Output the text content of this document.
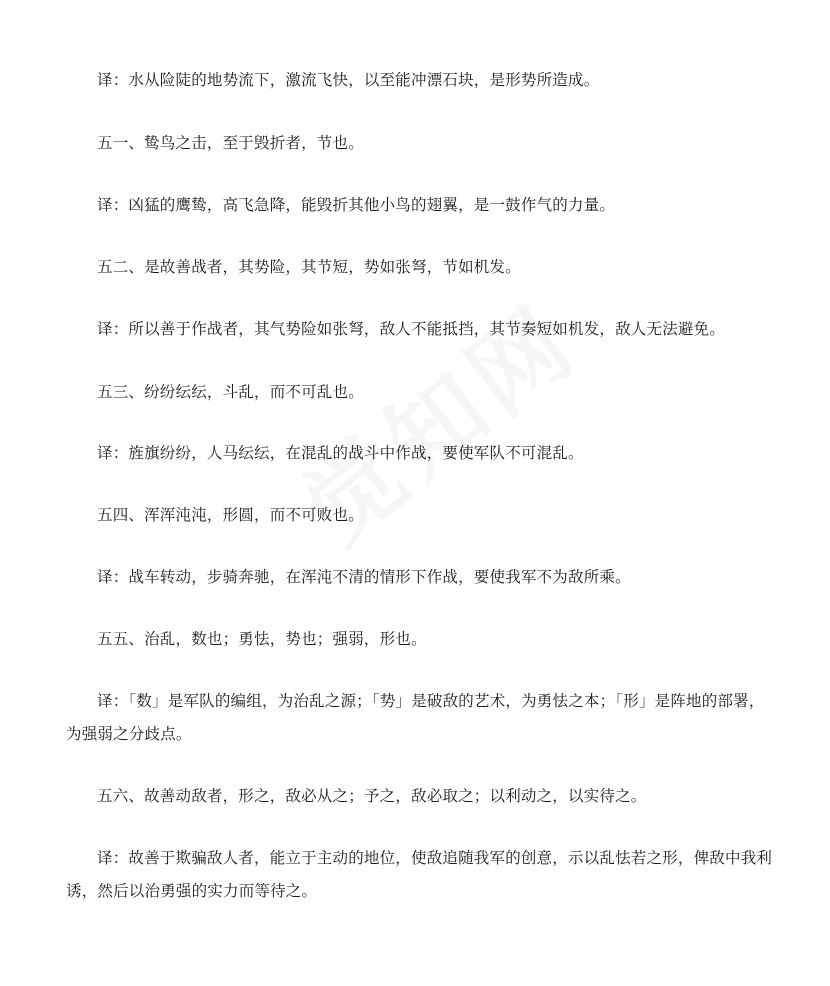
译：水从险陡的地势流下，激流飞快，以至能冲漂石块，是形势所造成。

五一、鸷鸟之击，至于毁折者，节也。

译：凶猛的鹰鸷，高飞急降，能毁折其他小鸟的翅翼，是一鼓作气的力量。

五二、是故善战者，其势险，其节短，势如张弩，节如机发。

译：所以善于作战者，其气势险如张弩，敌人不能抵挡，其节奏短如机发，敌人无法避免。

五三、纷纷纭纭，斗乱，而不可乱也。

译：旌旗纷纷，人马纭纭，在混乱的战斗中作战，要使军队不可混乱。

五四、浑浑沌沌，形圆，而不可败也。

译：战车转动，步骑奔驰，在浑沌不清的情形下作战，要使我军不为敌所乘。

五五、治乱，数也；勇怯，势也；强弱，形也。

译：「数」是军队的编组，为治乱之源；「势」是破敌的艺术，为勇怯之本；「形」是阵地的部署，为强弱之分歧点。

五六、故善动敌者，形之，敌必从之；予之，敌必取之；以利动之，以实待之。

译：故善于欺骗敌人者，能立于主动的地位，使敌追随我军的创意，示以乱怯若之形，俾敌中我利诱，然后以治勇强的实力而等待之。
